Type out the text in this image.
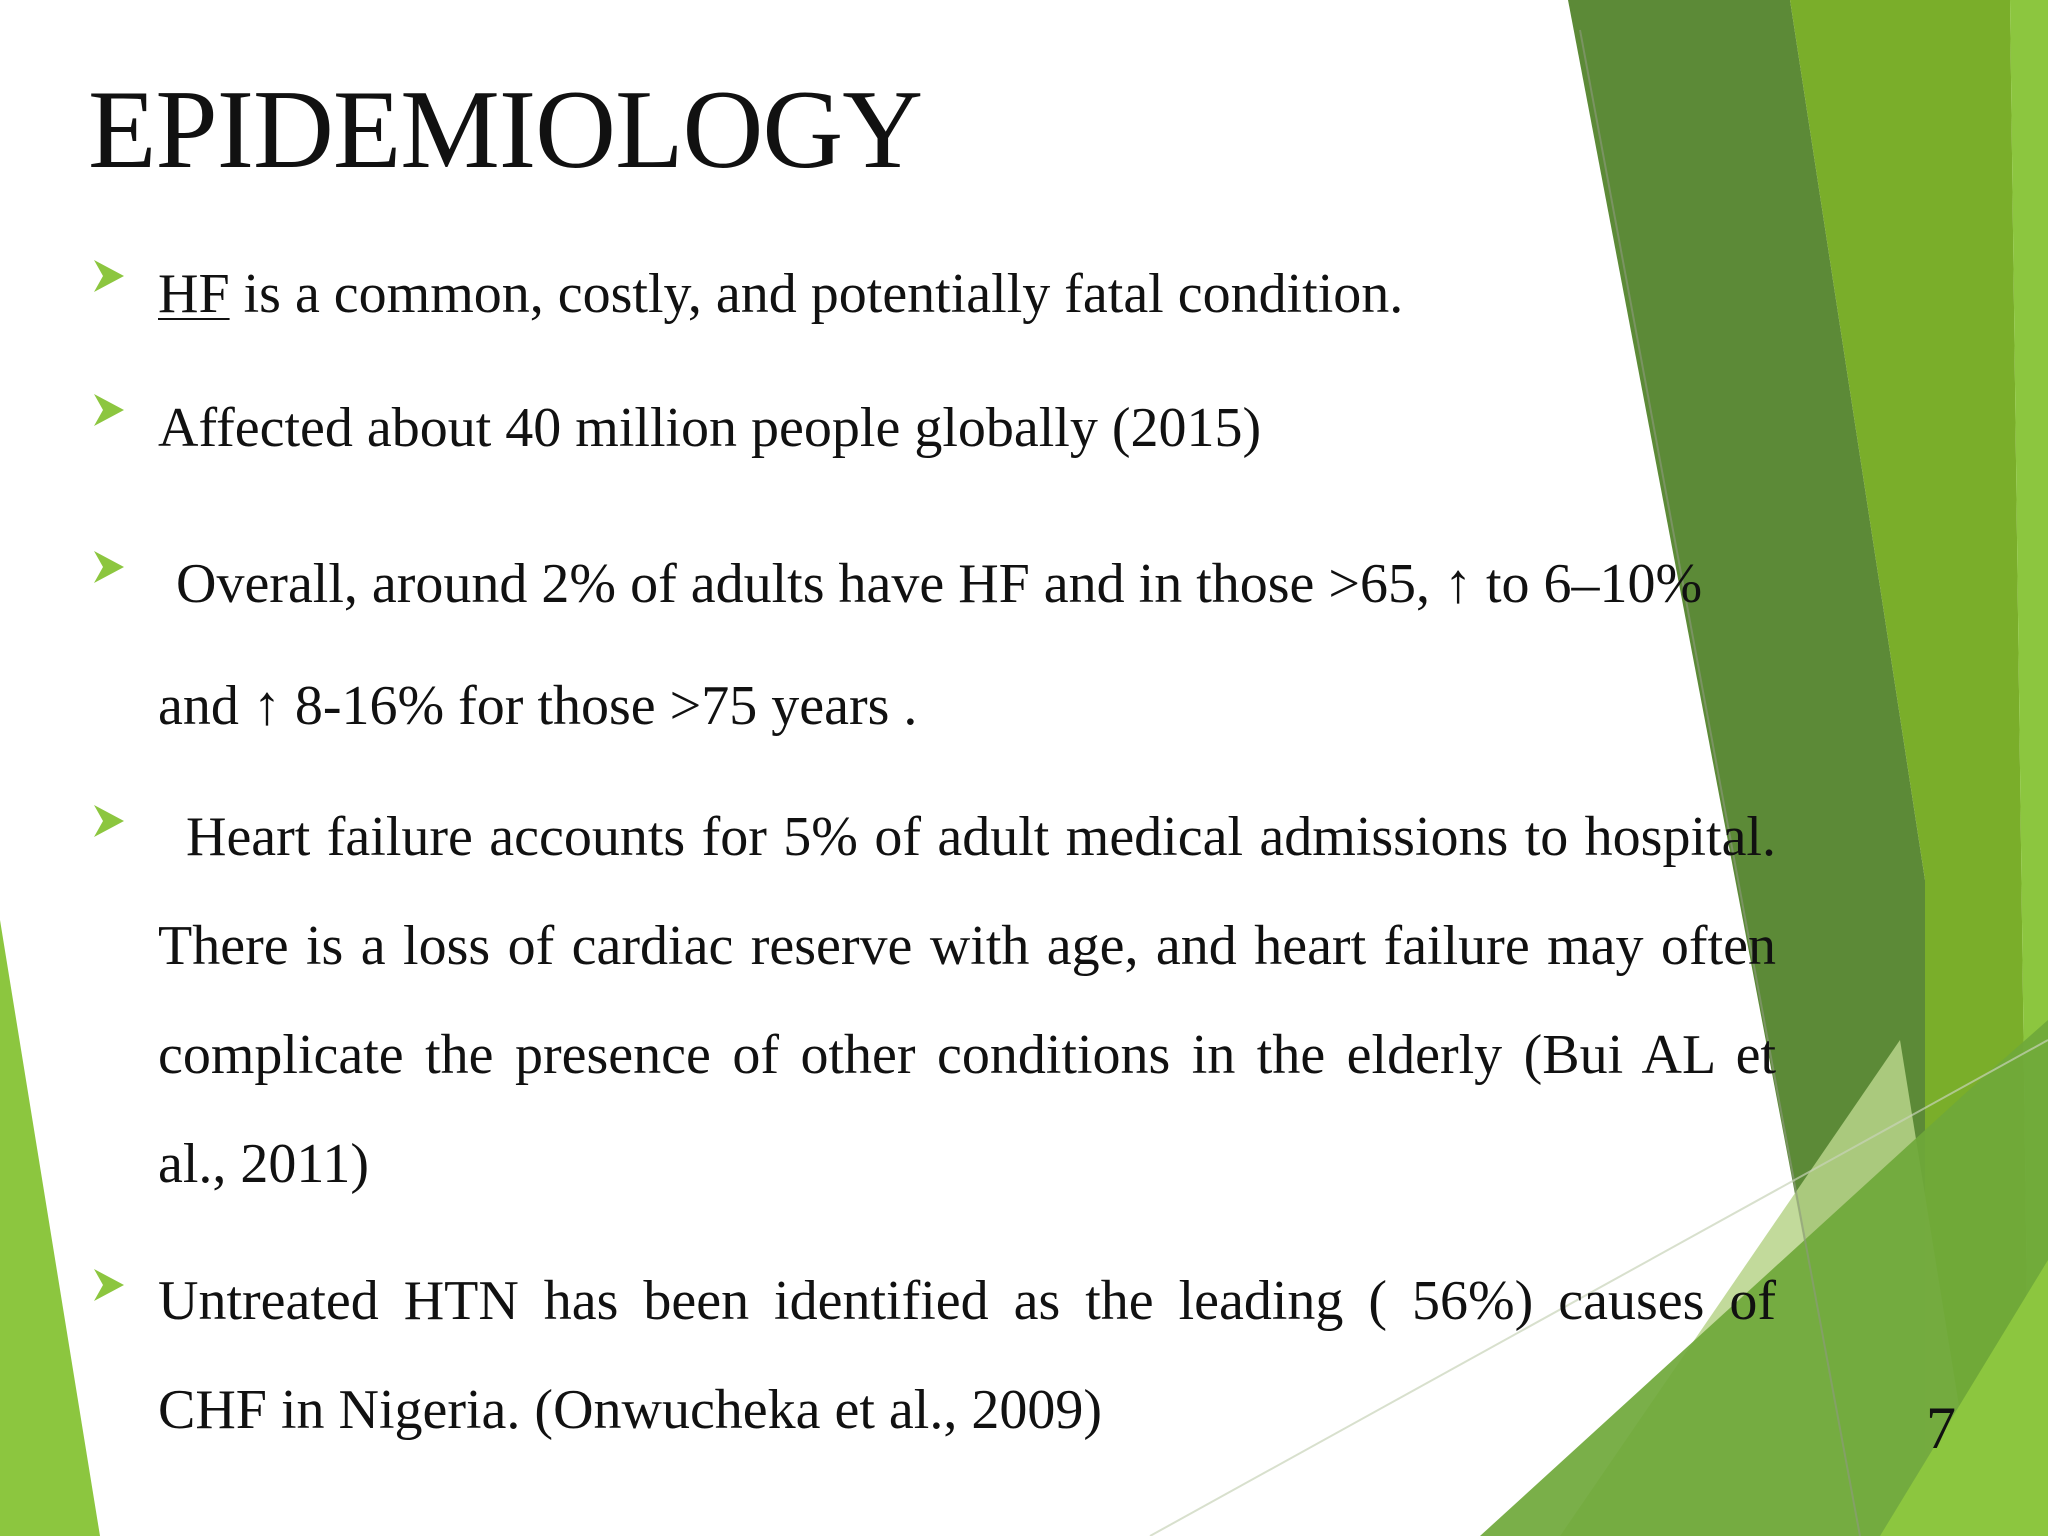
EPIDEMIOLOGY
HF is a common, costly, and potentially fatal condition.
Affected about 40 million people globally (2015)
Overall, around 2% of adults have HF and in those >65, ↑ to 6–10% and ↑ 8-16% for those >75 years .
Heart failure accounts for 5% of adult medical admissions to hospital. There is a loss of cardiac reserve with age, and heart failure may often complicate the presence of other conditions in the elderly (Bui AL et al., 2011)
Untreated HTN has been identified as the leading ( 56%) causes of CHF in Nigeria. (Onwucheka et al., 2009)	7
